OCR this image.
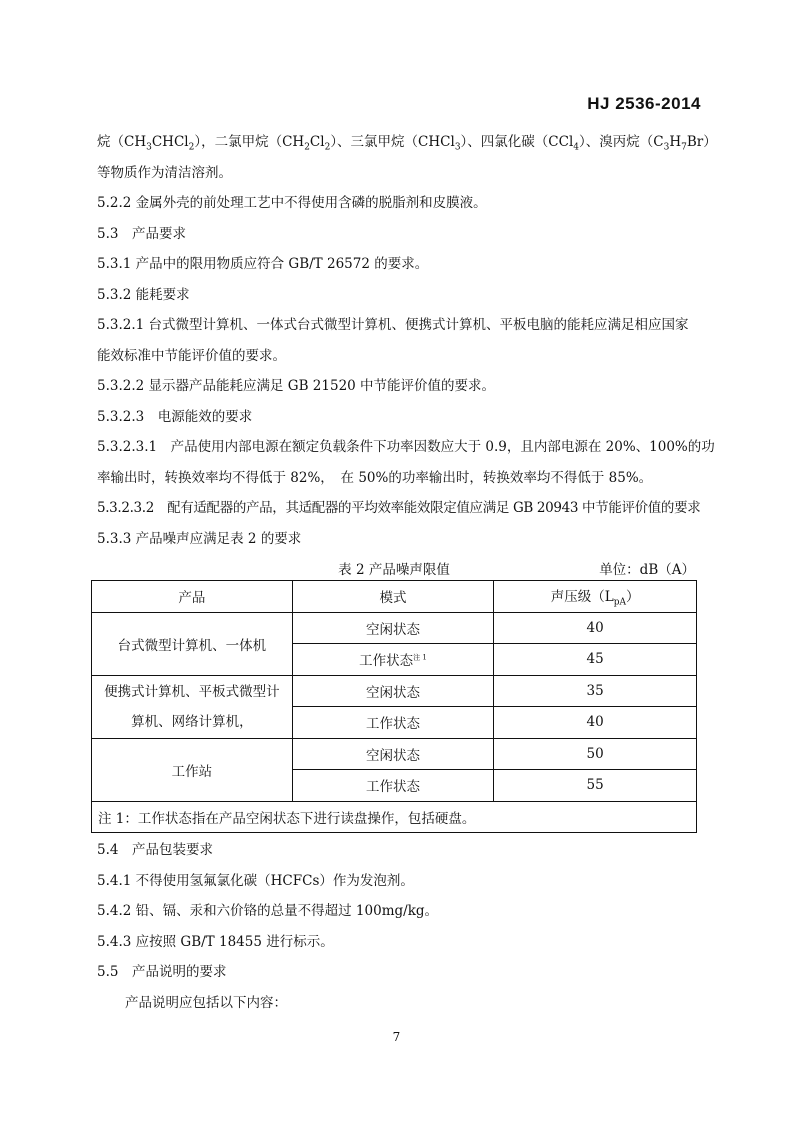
HJ 2536-2014
烷$(CH_3CHCl_2)$，二氯甲烷$(CH_2Cl_2)$、三氯甲烷（CHCl$_3$）、四氯化碳（CCl$_4$）、溴丙烷$(C_3H_7Br)$
等物质作为清洁溶剂。
5.2.2 金属外壳的前处理工艺中不得使用含磷的脱脂剂和皮膜液。
5.3　产品要求
5.3.1 产品中的限用物质应符合 GB/T 26572 的要求。
5.3.2 能耗要求
5.3.2.1 台式微型计算机、一体式台式微型计算机、便携式计算机、平板电脑的能耗应满足相应国家
能效标准中节能评价值的要求。
5.3.2.2 显示器产品能耗应满足 GB 21520 中节能评价值的要求。
5.3.2.3　电源能效的要求
5.3.2.3.1　产品使用内部电源在额定负载条件下功率因数应大于 0.9，且内部电源在 20%、100%的功
率输出时，转换效率均不得低于 82%，　在 50%的功率输出时，转换效率均不得低于 85%。
5.3.2.3.2　配有适配器的产品，其适配器的平均效率能效限定值应满足 GB 20943 中节能评价值的要求
5.3.3 产品噪声应满足表 2 的要求
表 2 产品噪声限值	单位：dB（A）
产品	模式	声压级$(L_{pA})$
台式微型计算机、一体机	空闲状态	40
	工作状态$^{注 1}$	45
便携式计算机、平板式微型计算机、网络计算机，	空闲状态	35
	工作状态	40
工作站	空闲状态	50
	工作状态	55
注 1：工作状态指在产品空闲状态下进行读盘操作，包括硬盘。		
5.4　产品包装要求
5.4.1 不得使用氢氟氯化碳（HCFCs）作为发泡剂。
5.4.2 铅、镉、汞和六价铬的总量不得超过 100mg/kg。
5.4.3 应按照 GB/T 18455 进行标示。
5.5　产品说明的要求
产品说明应包括以下内容：
7
